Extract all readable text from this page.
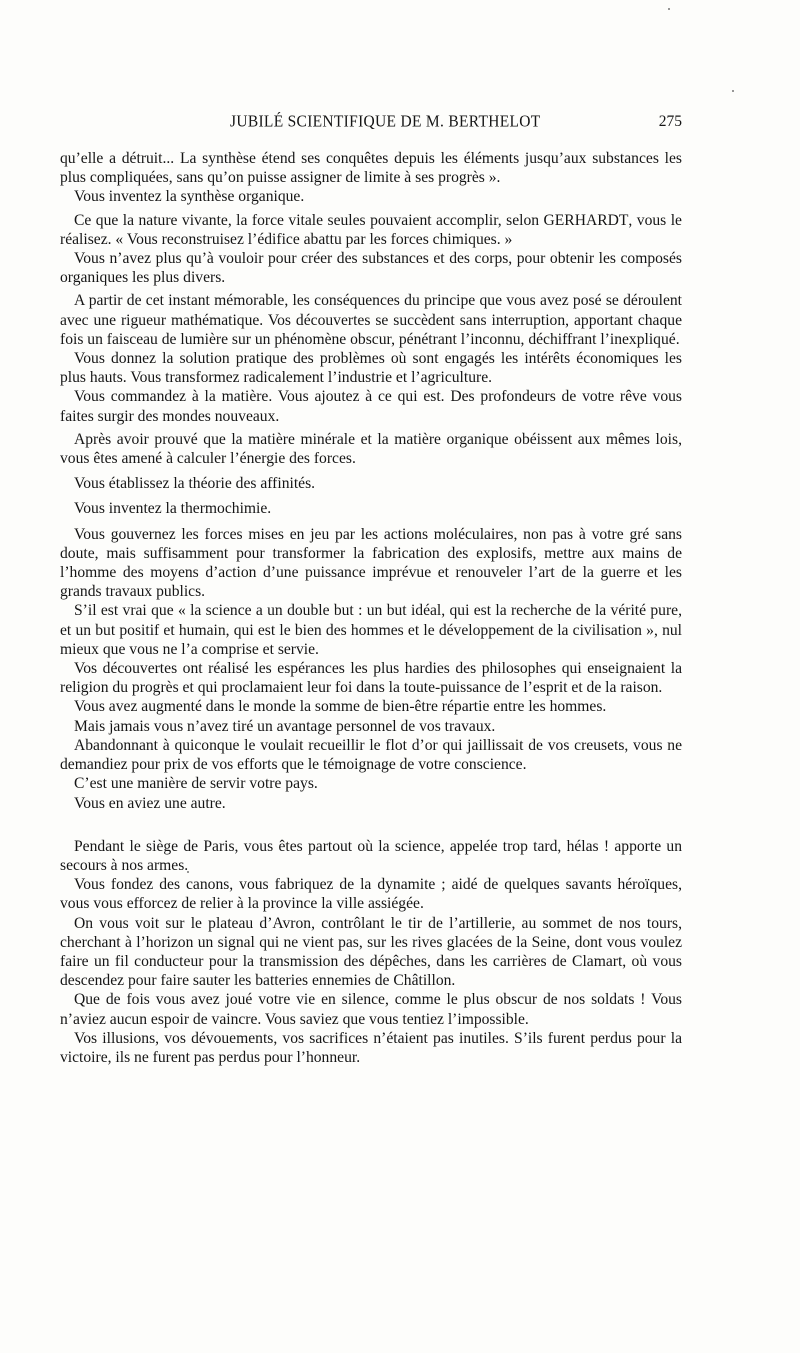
JUBILÉ SCIENTIFIQUE DE M. BERTHELOT	275

qu’elle a détruit... La synthèse étend ses conquêtes depuis les éléments jusqu’aux substances les plus compliquées, sans qu’on puisse assigner de limite à ses progrès ».

Vous inventez la synthèse organique.

Ce que la nature vivante, la force vitale seules pouvaient accomplir, selon GERHARDT, vous le réalisez. « Vous reconstruisez l’édifice abattu par les forces chimiques. »

Vous n’avez plus qu’à vouloir pour créer des substances et des corps, pour obtenir les composés organiques les plus divers.

A partir de cet instant mémorable, les conséquences du principe que vous avez posé se déroulent avec une rigueur mathématique. Vos découvertes se succèdent sans interruption, apportant chaque fois un faisceau de lumière sur un phénomène obscur, pénétrant l’inconnu, déchiffrant l’inexpliqué.

Vous donnez la solution pratique des problèmes où sont engagés les intérêts économiques les plus hauts. Vous transformez radicalement l’industrie et l’agriculture.

Vous commandez à la matière. Vous ajoutez à ce qui est. Des profondeurs de votre rêve vous faites surgir des mondes nouveaux.

Après avoir prouvé que la matière minérale et la matière organique obéissent aux mêmes lois, vous êtes amené à calculer l’énergie des forces.

Vous établissez la théorie des affinités.

Vous inventez la thermochimie.

Vous gouvernez les forces mises en jeu par les actions moléculaires, non pas à votre gré sans doute, mais suffisamment pour transformer la fabrication des explosifs, mettre aux mains de l’homme des moyens d’action d’une puissance imprévue et renouveler l’art de la guerre et les grands travaux publics.

S’il est vrai que « la science a un double but : un but idéal, qui est la recherche de la vérité pure, et un but positif et humain, qui est le bien des hommes et le développement de la civilisation », nul mieux que vous ne l’a comprise et servie.

Vos découvertes ont réalisé les espérances les plus hardies des philosophes qui enseignaient la religion du progrès et qui proclamaient leur foi dans la toute-puissance de l’esprit et de la raison.

Vous avez augmenté dans le monde la somme de bien-être répartie entre les hommes.

Mais jamais vous n’avez tiré un avantage personnel de vos travaux.

Abandonnant à quiconque le voulait recueillir le flot d’or qui jaillissait de vos creusets, vous ne demandiez pour prix de vos efforts que le témoignage de votre conscience.

C’est une manière de servir votre pays.

Vous en aviez une autre.

Pendant le siège de Paris, vous êtes partout où la science, appelée trop tard, hélas ! apporte un secours à nos armes.

Vous fondez des canons, vous fabriquez de la dynamite ; aidé de quelques savants héroïques, vous vous efforcez de relier à la province la ville assiégée.

On vous voit sur le plateau d’Avron, contrôlant le tir de l’artillerie, au sommet de nos tours, cherchant à l’horizon un signal qui ne vient pas, sur les rives glacées de la Seine, dont vous voulez faire un fil conducteur pour la transmission des dépêches, dans les carrières de Clamart, où vous descendez pour faire sauter les batteries ennemies de Châtillon.

Que de fois vous avez joué votre vie en silence, comme le plus obscur de nos soldats ! Vous n’aviez aucun espoir de vaincre. Vous saviez que vous tentiez l’impossible.

Vos illusions, vos dévouements, vos sacrifices n’étaient pas inutiles. S’ils furent perdus pour la victoire, ils ne furent pas perdus pour l’honneur.
